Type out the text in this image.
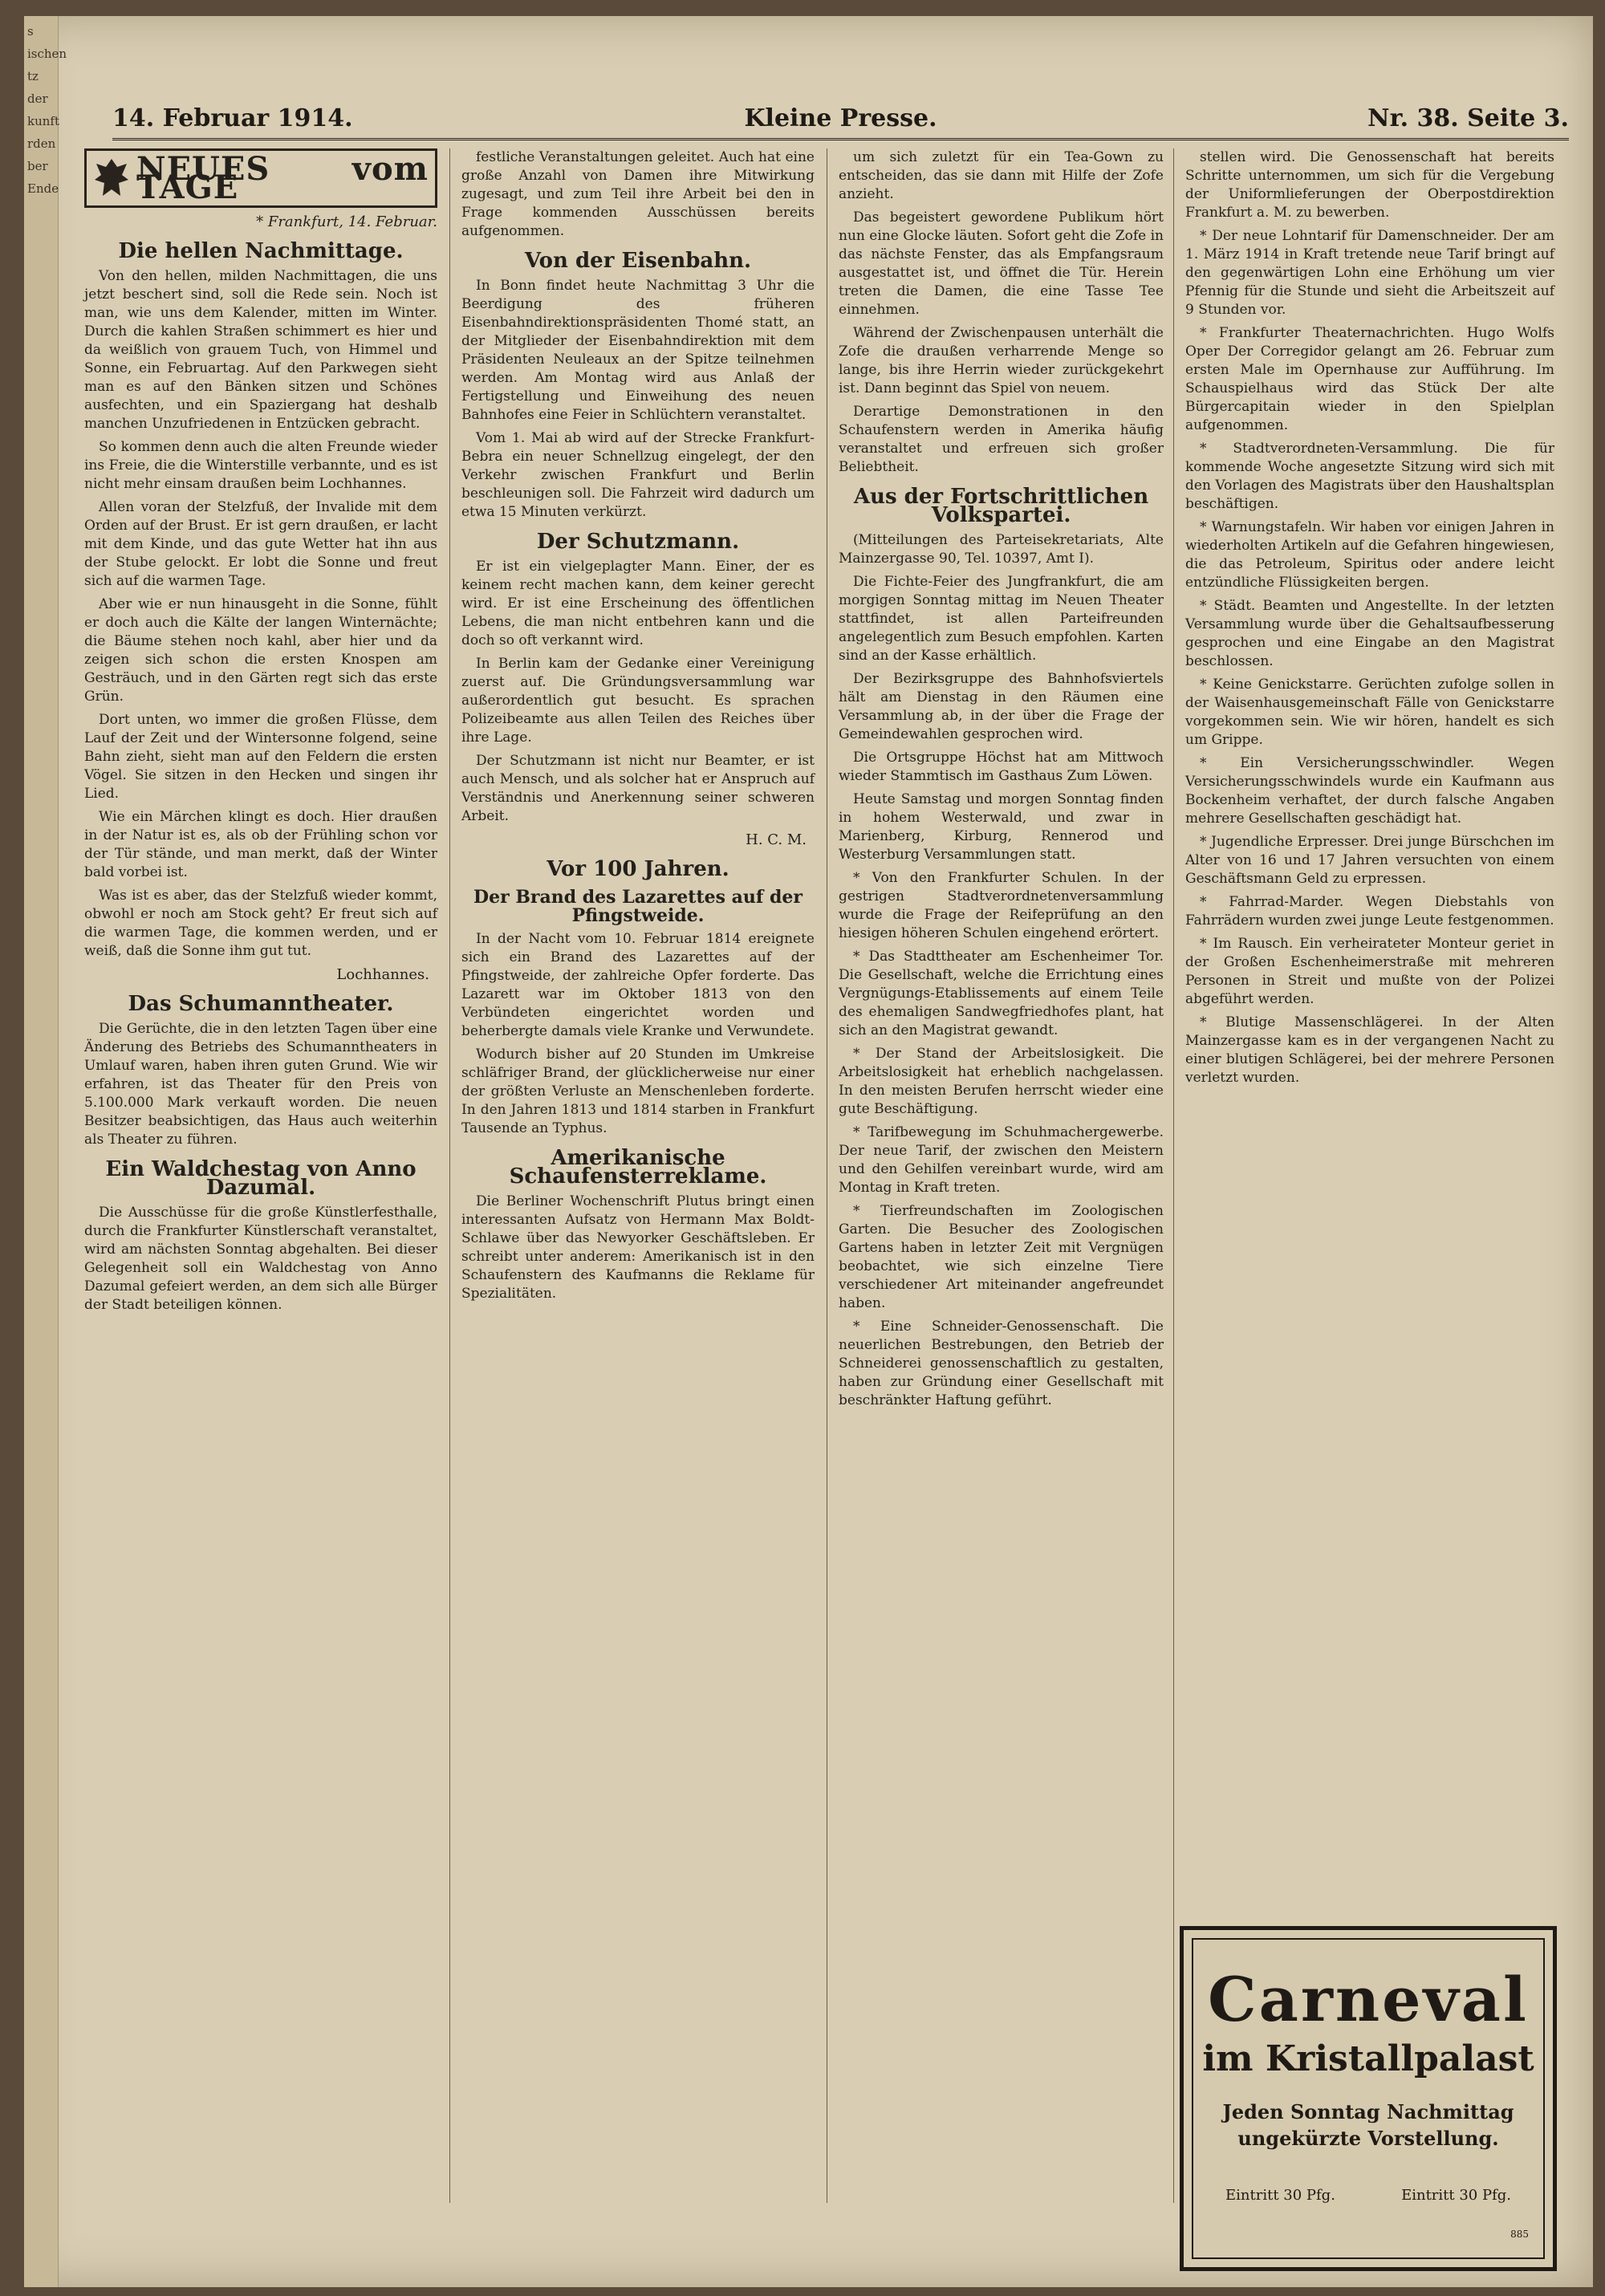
s
ischen
tz
der
kunft
rden
ber
Ende
14. Februar 1914.	Kleine Presse.	Nr. 38. Seite 3.
NEUES vom TAGE
* Frankfurt, 14. Februar.
Die hellen Nachmittage.

Von den hellen, milden Nachmittagen, die uns jetzt beschert sind, soll die Rede sein. Noch ist man, wie uns dem Kalender, mitten im Winter. Durch die kahlen Straßen schimmert es hier und da weißlich von grauem Tuch, von Himmel und Sonne, ein Februartag. Auf den Parkwegen sieht man es auf den Bänken sitzen und Schönes ausfechten, und ein Spaziergang hat deshalb manchen Unzufriedenen in Entzücken gebracht.

So kommen denn auch die alten Freunde wieder ins Freie, die die Winterstille verbannte, und es ist nicht mehr einsam draußen beim Lochhannes.

Allen voran der Stelzfuß, der Invalide mit dem Orden auf der Brust. Er ist gern draußen, er lacht mit dem Kinde, und das gute Wetter hat ihn aus der Stube gelockt. Er lobt die Sonne und freut sich auf die warmen Tage.

Aber wie er nun hinausgeht in die Sonne, fühlt er doch auch die Kälte der langen Winternächte; die Bäume stehen noch kahl, aber hier und da zeigen sich schon die ersten Knospen am Gesträuch, und in den Gärten regt sich das erste Grün.

Dort unten, wo immer die großen Flüsse, dem Lauf der Zeit und der Wintersonne folgend, seine Bahn zieht, sieht man auf den Feldern die ersten Vögel. Sie sitzen in den Hecken und singen ihr Lied.

Wie ein Märchen klingt es doch. Hier draußen in der Natur ist es, als ob der Frühling schon vor der Tür stände, und man merkt, daß der Winter bald vorbei ist.

Was ist es aber, das der Stelzfuß wieder kommt, obwohl er noch am Stock geht? Er freut sich auf die warmen Tage, die kommen werden, und er weiß, daß die Sonne ihm gut tut.

Lochhannes.
Das Schumanntheater.

Die Gerüchte, die in den letzten Tagen über eine Änderung des Betriebs des Schumanntheaters in Umlauf waren, haben ihren guten Grund. Wie wir erfahren, ist das Theater für den Preis von 5.100.000 Mark verkauft worden. Die neuen Besitzer beabsichtigen, das Haus auch weiterhin als Theater zu führen.

Ein Waldchestag von Anno Dazumal.

Die Ausschüsse für die große Künstlerfesthalle, durch die Frankfurter Künstlerschaft veranstaltet, wird am nächsten Sonntag abgehalten. Bei dieser Gelegenheit soll ein Waldchestag von Anno Dazumal gefeiert werden, an dem sich alle Bürger der Stadt beteiligen können.

festliche Veranstaltungen geleitet. Auch hat eine große Anzahl von Damen ihre Mitwirkung zugesagt, und zum Teil ihre Arbeit bei den in Frage kommenden Ausschüssen bereits aufgenommen.

Von der Eisenbahn.

In Bonn findet heute Nachmittag 3 Uhr die Beerdigung des früheren Eisenbahndirektionspräsidenten Thomé statt, an der Mitglieder der Eisenbahndirektion mit dem Präsidenten Neuleaux an der Spitze teilnehmen werden. Am Montag wird aus Anlaß der Fertigstellung und Einweihung des neuen Bahnhofes eine Feier in Schlüchtern veranstaltet.

Vom 1. Mai ab wird auf der Strecke Frankfurt-Bebra ein neuer Schnellzug eingelegt, der den Verkehr zwischen Frankfurt und Berlin beschleunigen soll. Die Fahrzeit wird dadurch um etwa 15 Minuten verkürzt.

Der Schutzmann.

Er ist ein vielgeplagter Mann. Einer, der es keinem recht machen kann, dem keiner gerecht wird. Er ist eine Erscheinung des öffentlichen Lebens, die man nicht entbehren kann und die doch so oft verkannt wird.

In Berlin kam der Gedanke einer Vereinigung zuerst auf. Die Gründungsversammlung war außerordentlich gut besucht. Es sprachen Polizeibeamte aus allen Teilen des Reiches über ihre Lage.

Der Schutzmann ist nicht nur Beamter, er ist auch Mensch, und als solcher hat er Anspruch auf Verständnis und Anerkennung seiner schweren Arbeit.

H. C. M.
Vor 100 Jahren.
Der Brand des Lazarettes auf der Pfingstweide.

In der Nacht vom 10. Februar 1814 ereignete sich ein Brand des Lazarettes auf der Pfingstweide, der zahlreiche Opfer forderte. Das Lazarett war im Oktober 1813 von den Verbündeten eingerichtet worden und beherbergte damals viele Kranke und Verwundete.

Wodurch bisher auf 20 Stunden im Umkreise schläfriger Brand, der glücklicherweise nur einer der größten Verluste an Menschenleben forderte. In den Jahren 1813 und 1814 starben in Frankfurt Tausende an Typhus.

Amerikanische Schaufensterreklame.

Die Berliner Wochenschrift Plutus bringt einen interessanten Aufsatz von Hermann Max Boldt-Schlawe über das Newyorker Geschäftsleben. Er schreibt unter anderem: Amerikanisch ist in den Schaufenstern des Kaufmanns die Reklame für Spezialitäten.

um sich zuletzt für ein Tea-Gown zu entscheiden, das sie dann mit Hilfe der Zofe anzieht.

Das begeistert gewordene Publikum hört nun eine Glocke läuten. Sofort geht die Zofe in das nächste Fenster, das als Empfangsraum ausgestattet ist, und öffnet die Tür. Herein treten die Damen, die eine Tasse Tee einnehmen.

Während der Zwischenpausen unterhält die Zofe die draußen verharrende Menge so lange, bis ihre Herrin wieder zurückgekehrt ist. Dann beginnt das Spiel von neuem.

Derartige Demonstrationen in den Schaufenstern werden in Amerika häufig veranstaltet und erfreuen sich großer Beliebtheit.

Aus der Fortschrittlichen Volkspartei.

(Mitteilungen des Parteisekretariats, Alte Mainzergasse 90, Tel. 10397, Amt I).

Die Fichte-Feier des Jungfrankfurt, die am morgigen Sonntag mittag im Neuen Theater stattfindet, ist allen Parteifreunden angelegentlich zum Besuch empfohlen. Karten sind an der Kasse erhältlich.

Der Bezirksgruppe des Bahnhofsviertels hält am Dienstag in den Räumen eine Versammlung ab, in der über die Frage der Gemeindewahlen gesprochen wird.

Die Ortsgruppe Höchst hat am Mittwoch wieder Stammtisch im Gasthaus Zum Löwen.

Heute Samstag und morgen Sonntag finden in hohem Westerwald, und zwar in Marienberg, Kirburg, Rennerod und Westerburg Versammlungen statt.

* Von den Frankfurter Schulen. In der gestrigen Stadtverordnetenversammlung wurde die Frage der Reifeprüfung an den hiesigen höheren Schulen eingehend erörtert.

* Das Stadttheater am Eschenheimer Tor. Die Gesellschaft, welche die Errichtung eines Vergnügungs-Etablissements auf einem Teile des ehemaligen Sandwegfriedhofes plant, hat sich an den Magistrat gewandt.

* Der Stand der Arbeitslosigkeit. Die Arbeitslosigkeit hat erheblich nachgelassen. In den meisten Berufen herrscht wieder eine gute Beschäftigung.

* Tarifbewegung im Schuhmachergewerbe. Der neue Tarif, der zwischen den Meistern und den Gehilfen vereinbart wurde, wird am Montag in Kraft treten.

* Tierfreundschaften im Zoologischen Garten. Die Besucher des Zoologischen Gartens haben in letzter Zeit mit Vergnügen beobachtet, wie sich einzelne Tiere verschiedener Art miteinander angefreundet haben.

* Eine Schneider-Genossenschaft. Die neuerlichen Bestrebungen, den Betrieb der Schneiderei genossenschaftlich zu gestalten, haben zur Gründung einer Gesellschaft mit beschränkter Haftung geführt.

stellen wird. Die Genossenschaft hat bereits Schritte unternommen, um sich für die Vergebung der Uniformlieferungen der Oberpostdirektion Frankfurt a. M. zu bewerben.

* Der neue Lohntarif für Damenschneider. Der am 1. März 1914 in Kraft tretende neue Tarif bringt auf den gegenwärtigen Lohn eine Erhöhung um vier Pfennig für die Stunde und sieht die Arbeitszeit auf 9 Stunden vor.

* Frankfurter Theaternachrichten. Hugo Wolfs Oper Der Corregidor gelangt am 26. Februar zum ersten Male im Opernhause zur Aufführung. Im Schauspielhaus wird das Stück Der alte Bürgercapitain wieder in den Spielplan aufgenommen.

* Stadtverordneten-Versammlung. Die für kommende Woche angesetzte Sitzung wird sich mit den Vorlagen des Magistrats über den Haushaltsplan beschäftigen.

* Warnungstafeln. Wir haben vor einigen Jahren in wiederholten Artikeln auf die Gefahren hingewiesen, die das Petroleum, Spiritus oder andere leicht entzündliche Flüssigkeiten bergen.

* Städt. Beamten und Angestellte. In der letzten Versammlung wurde über die Gehaltsaufbesserung gesprochen und eine Eingabe an den Magistrat beschlossen.

* Keine Genickstarre. Gerüchten zufolge sollen in der Waisenhausgemeinschaft Fälle von Genickstarre vorgekommen sein. Wie wir hören, handelt es sich um Grippe.

* Ein Versicherungsschwindler. Wegen Versicherungsschwindels wurde ein Kaufmann aus Bockenheim verhaftet, der durch falsche Angaben mehrere Gesellschaften geschädigt hat.

* Jugendliche Erpresser. Drei junge Bürschchen im Alter von 16 und 17 Jahren versuchten von einem Geschäftsmann Geld zu erpressen.

* Fahrrad-Marder. Wegen Diebstahls von Fahrrädern wurden zwei junge Leute festgenommen.

* Im Rausch. Ein verheirateter Monteur geriet in der Großen Eschenheimerstraße mit mehreren Personen in Streit und mußte von der Polizei abgeführt werden.

* Blutige Massenschlägerei. In der Alten Mainzergasse kam es in der vergangenen Nacht zu einer blutigen Schlägerei, bei der mehrere Personen verletzt wurden.

Carneval
im Kristallpalast
Jeden Sonntag Nachmittag
ungekürzte Vorstellung.
Eintritt 30 Pfg.	Eintritt 30 Pfg.
885
